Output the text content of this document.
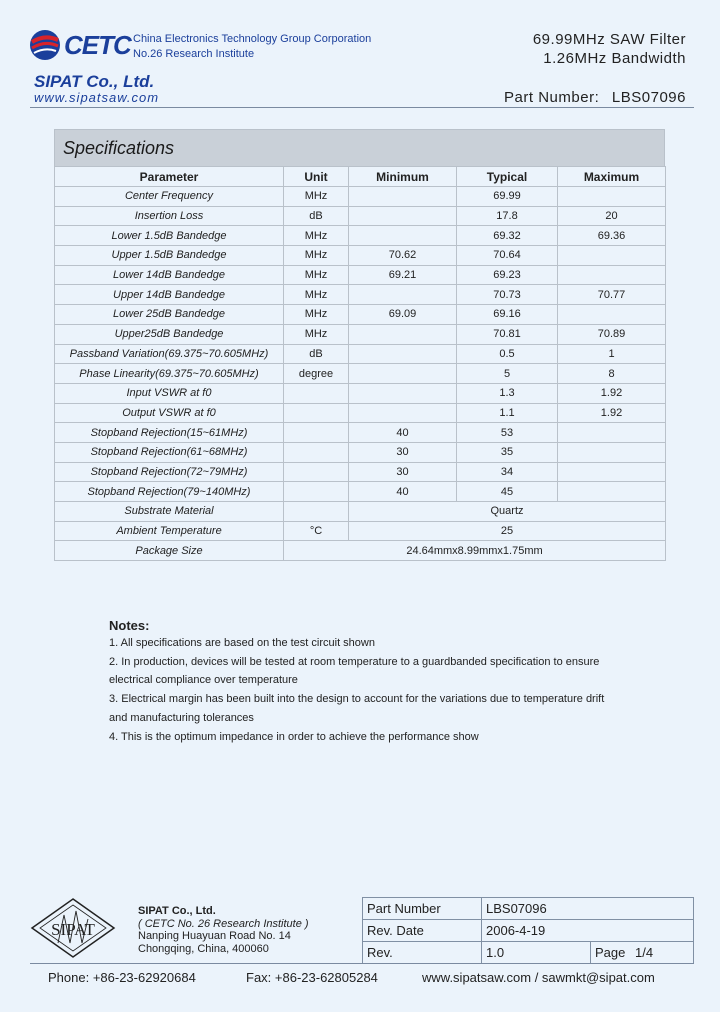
CETC China Electronics Technology Group Corporation
No.26 Research Institute
69.99MHz SAW Filter
1.26MHz Bandwidth
SIPAT Co., Ltd.
www.sipatsaw.com	Part Number: LBS07096
Specifications
Parameter	Unit	Minimum	Typical	Maximum
Center Frequency	MHz		69.99	
Insertion Loss	dB		17.8	20
Lower 1.5dB Bandedge	MHz		69.32	69.36
Upper 1.5dB Bandedge	MHz	70.62	70.64	
Lower 14dB Bandedge	MHz	69.21	69.23	
Upper 14dB Bandedge	MHz		70.73	70.77
Lower 25dB Bandedge	MHz	69.09	69.16	
Upper25dB Bandedge	MHz		70.81	70.89
Passband Variation(69.375~70.605MHz)	dB		0.5	1
Phase Linearity(69.375~70.605MHz)	degree		5	8
Input VSWR at f0			1.3	1.92
Output VSWR at f0			1.1	1.92
Stopband Rejection(15~61MHz)		40	53	
Stopband Rejection(61~68MHz)		30	35	
Stopband Rejection(72~79MHz)		30	34	
Stopband Rejection(79~140MHz)		40	45	
Substrate Material		Quartz		
Ambient Temperature	°C	25		
Package Size	24.64mmx8.99mmx1.75mm			
Notes:
1. All specifications are based on the test circuit shown
2. In production, devices will be tested at room temperature to a guardbanded specification to ensure
electrical compliance over temperature
3. Electrical margin has been built into the design to account for the variations due to temperature drift
and manufacturing tolerances
4. This is the optimum impedance in order to achieve the performance show
SIPAT
SIPAT Co., Ltd.
( CETC No. 26 Research Institute )
Nanping Huayuan Road No. 14
Chongqing, China, 400060
Part Number	LBS07096	
Rev. Date	2006-4-19	
Rev.	1.0	Page 1/4
Phone: +86-23-62920684	Fax: +86-23-62805284	www.sipatsaw.com / sawmkt@sipat.com
